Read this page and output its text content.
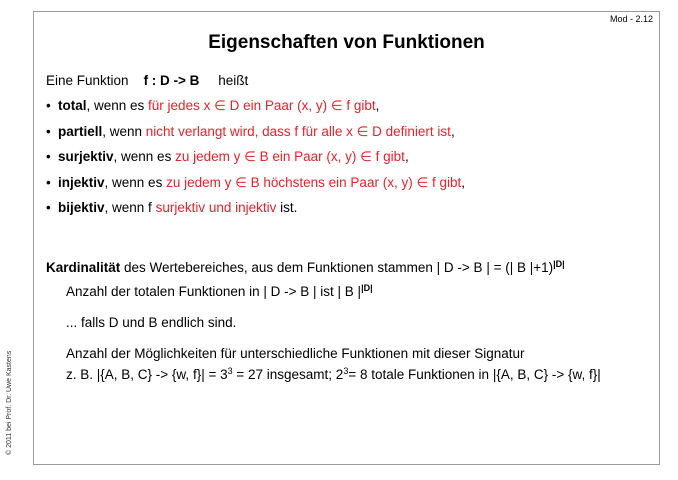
Mod - 2.12
Eigenschaften von Funktionen
Eine Funktion    f : D -> B     heißt
• total, wenn es für jedes x ∈ D ein Paar (x, y) ∈ f gibt,
• partiell, wenn nicht verlangt wird, dass f für alle x ∈ D definiert ist,
• surjektiv, wenn es zu jedem y ∈ B ein Paar (x, y) ∈ f gibt,
• injektiv, wenn es zu jedem y ∈ B höchstens ein Paar (x, y) ∈ f gibt,
• bijektiv, wenn f surjektiv und injektiv ist.
Kardinalität des Wertebereiches, aus dem Funktionen stammen | D -> B | = (| B |+1)$^{|D|}$
Anzahl der totalen Funktionen in | D -> B | ist | B $|^{|D|}$
... falls D und B endlich sind.
Anzahl der Möglichkeiten für unterschiedliche Funktionen mit dieser Signatur
z. B. |{A, B, C} -> {w, $f\}| = 3^3 = 27$ insgesamt; $2^3= 8$ totale Funktionen in |{A, B, C} -> {w, f}|
© 2011 bei Prof. Dr. Uwe Kastens
